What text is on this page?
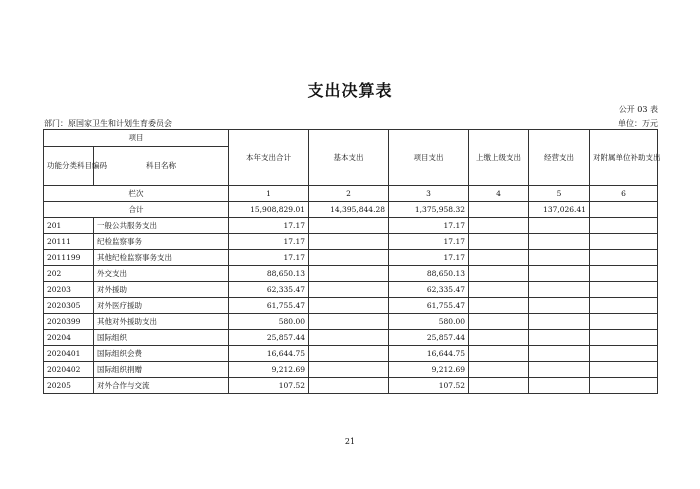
支出决算表
公开 03 表
部门：原国家卫生和计划生育委员会	单位：万元
项目		本年支出合计	基本支出	项目支出	上缴上级支出	经营支出	对附属单位补助支出
功能分类科目编码	科目名称						
栏次		1	2	3	4	5	6
合计		15,908,829.01	14,395,844.28	1,375,958.32		137,026.41	
201	一般公共服务支出	17.17		17.17			
20111	纪检监察事务	17.17		17.17			
2011199	其他纪检监察事务支出	17.17		17.17			
202	外交支出	88,650.13		88,650.13			
20203	对外援助	62,335.47		62,335.47			
2020305	对外医疗援助	61,755.47		61,755.47			
2020399	其他对外援助支出	580.00		580.00			
20204	国际组织	25,857.44		25,857.44			
2020401	国际组织会费	16,644.75		16,644.75			
2020402	国际组织捐赠	9,212.69		9,212.69			
20205	对外合作与交流	107.52		107.52			
21
